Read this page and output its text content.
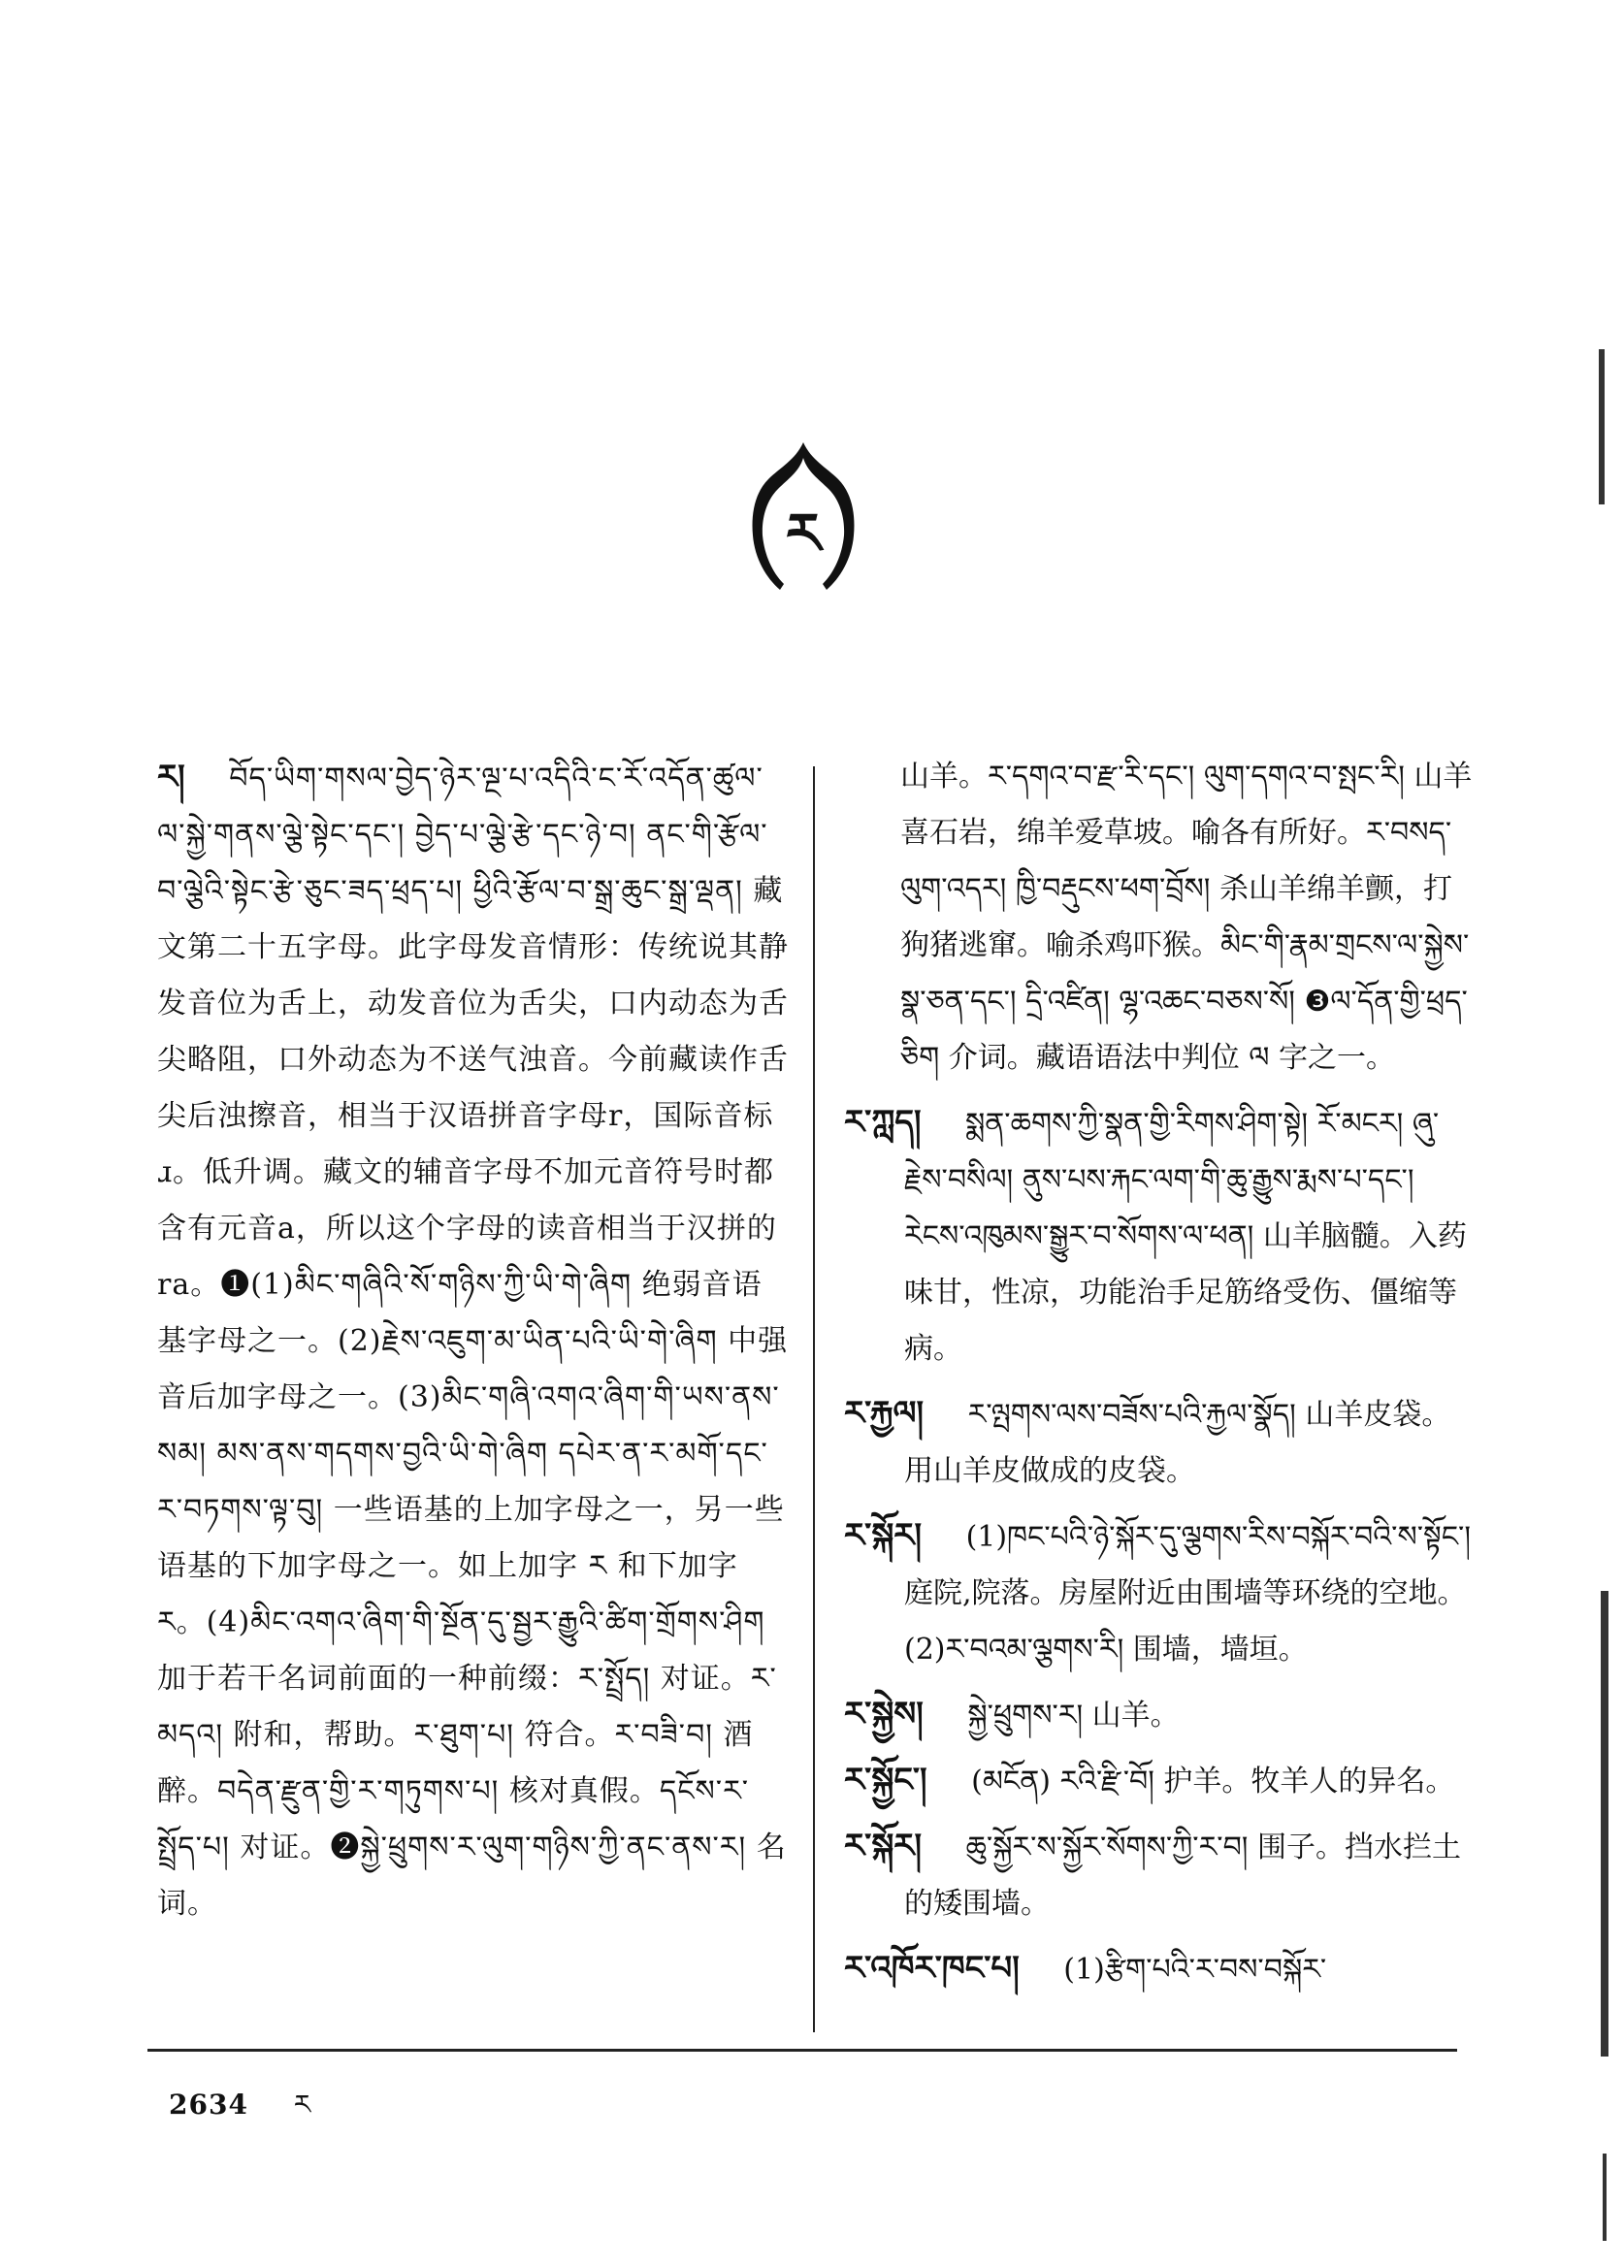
ར

ར། བོད་ཡིག་གསལ་བྱེད་ཉེར་ལྔ་པ་འདིའི་ང་རོ་འདོན་ཚུལ་ལ་སྐྱེ་གནས་ལྕེ་སྟེང་དང་། བྱེད་པ་ལྕེ་རྩེ་དང་ཉེ་བ། ནང་གི་རྩོལ་བ་ལྕེའི་སྟེང་རྩེ་ཅུང་ཟད་ཕྲད་པ། ཕྱིའི་རྩོལ་བ་སྒྲ་ཆུང་སྒྲ་ལྡན། 藏文第二十五字母。此字母发音情形：传统说其静发音位为舌上，动发音位为舌尖，口内动态为舌尖略阻，口外动态为不送气浊音。今前藏读作舌尖后浊擦音，相当于汉语拼音字母r，国际音标ɹ。低升调。藏文的辅音字母不加元音符号时都含有元音a，所以这个字母的读音相当于汉拼的ra。❶(1)མིང་གཞིའི་སོ་གཉིས་ཀྱི་ཡི་གེ་ཞིག 绝弱音语基字母之一。(2)རྗེས་འཇུག་མ་ཡིན་པའི་ཡི་གེ་ཞིག 中强音后加字母之一。(3)མིང་གཞི་འགའ་ཞིག་གི་ཡས་ནས་སམ། མས་ནས་གདགས་བྱའི་ཡི་གེ་ཞིག དཔེར་ན་ར་མགོ་དང་ར་བཏགས་ལྟ་བུ། 一些语基的上加字母之一，另一些语基的下加字母之一。如上加字 ར 和下加字 ར。(4)མིང་འགའ་ཞིག་གི་སྔོན་དུ་སྦྱར་རྒྱུའི་ཚིག་གྲོགས་ཤིག 加于若干名词前面的一种前缀：ར་སྤྲོད། 对证。ར་མདའ། 附和，帮助。ར་ཐུག་པ། 符合。ར་བཟི་བ། 酒醉。བདེན་རྫུན་གྱི་ར་གཏུགས་པ། 核对真假。དངོས་ར་སྤྲོད་པ། 对证。❷སྐྱེ་ཕྲུགས་ར་ལུག་གཉིས་ཀྱི་ནང་ནས་ར། 名词。

山羊。ར་དགའ་བ་རྫ་རི་དང་། ལུག་དགའ་བ་སྤང་རི། 山羊喜石岩，绵羊爱草坡。喻各有所好。ར་བསད་ལུག་འདར། ཁྱི་བརྡུངས་ཕག་བྲོས། 杀山羊绵羊颤，打狗猪逃窜。喻杀鸡吓猴。མིང་གི་རྣམ་གྲངས་ལ་སྐྱེས་སྣ་ཅན་དང་། དྲི་འཛིན། ལྷ་འཆང་བཅས་སོ། ❸ལ་དོན་གྱི་ཕྲད་ཅིག 介词。藏语语法中判位 ལ 字之一。

ར་ཀླད། སྨན་ཆགས་ཀྱི་སྣན་གྱི་རིགས་ཤིག་སྟེ། རོ་མངར། ཞུ་རྗེས་བསིལ། ནུས་པས་རྐང་ལག་གི་ཆུ་རྒྱུས་རྨས་པ་དང་། རེངས་འཁུམས་སྒྱུར་བ་སོགས་ལ་ཕན། 山羊脑髓。入药味甘，性凉，功能治手足筋络受伤、僵缩等病。

ར་རྐྱལ། ར་ལྤགས་ལས་བཟོས་པའི་རྐྱལ་སྣོད། 山羊皮袋。用山羊皮做成的皮袋。

ར་སྐོར། (1)ཁང་པའི་ཉེ་སྐོར་དུ་ལྕགས་རིས་བསྐོར་བའི་ས་སྟོང་། 庭院,院落。房屋附近由围墙等环绕的空地。(2)ར་བའམ་ལྕགས་རི། 围墙，墙垣。

ར་སྐྱེས། སྐྱེ་ཕྲུགས་ར། 山羊。

ར་སྐྱོང་། (མངོན) རའི་རྫི་བོ། 护羊。牧羊人的异名。

ར་སྐོར། ཆུ་སྐྱོར་ས་སྐྱོར་སོགས་ཀྱི་ར་བ། 围子。挡水拦土的矮围墙。

ར་འཁོར་ཁང་པ། (1)རྩིག་པའི་ར་བས་བསྐོར་

2634 ར
